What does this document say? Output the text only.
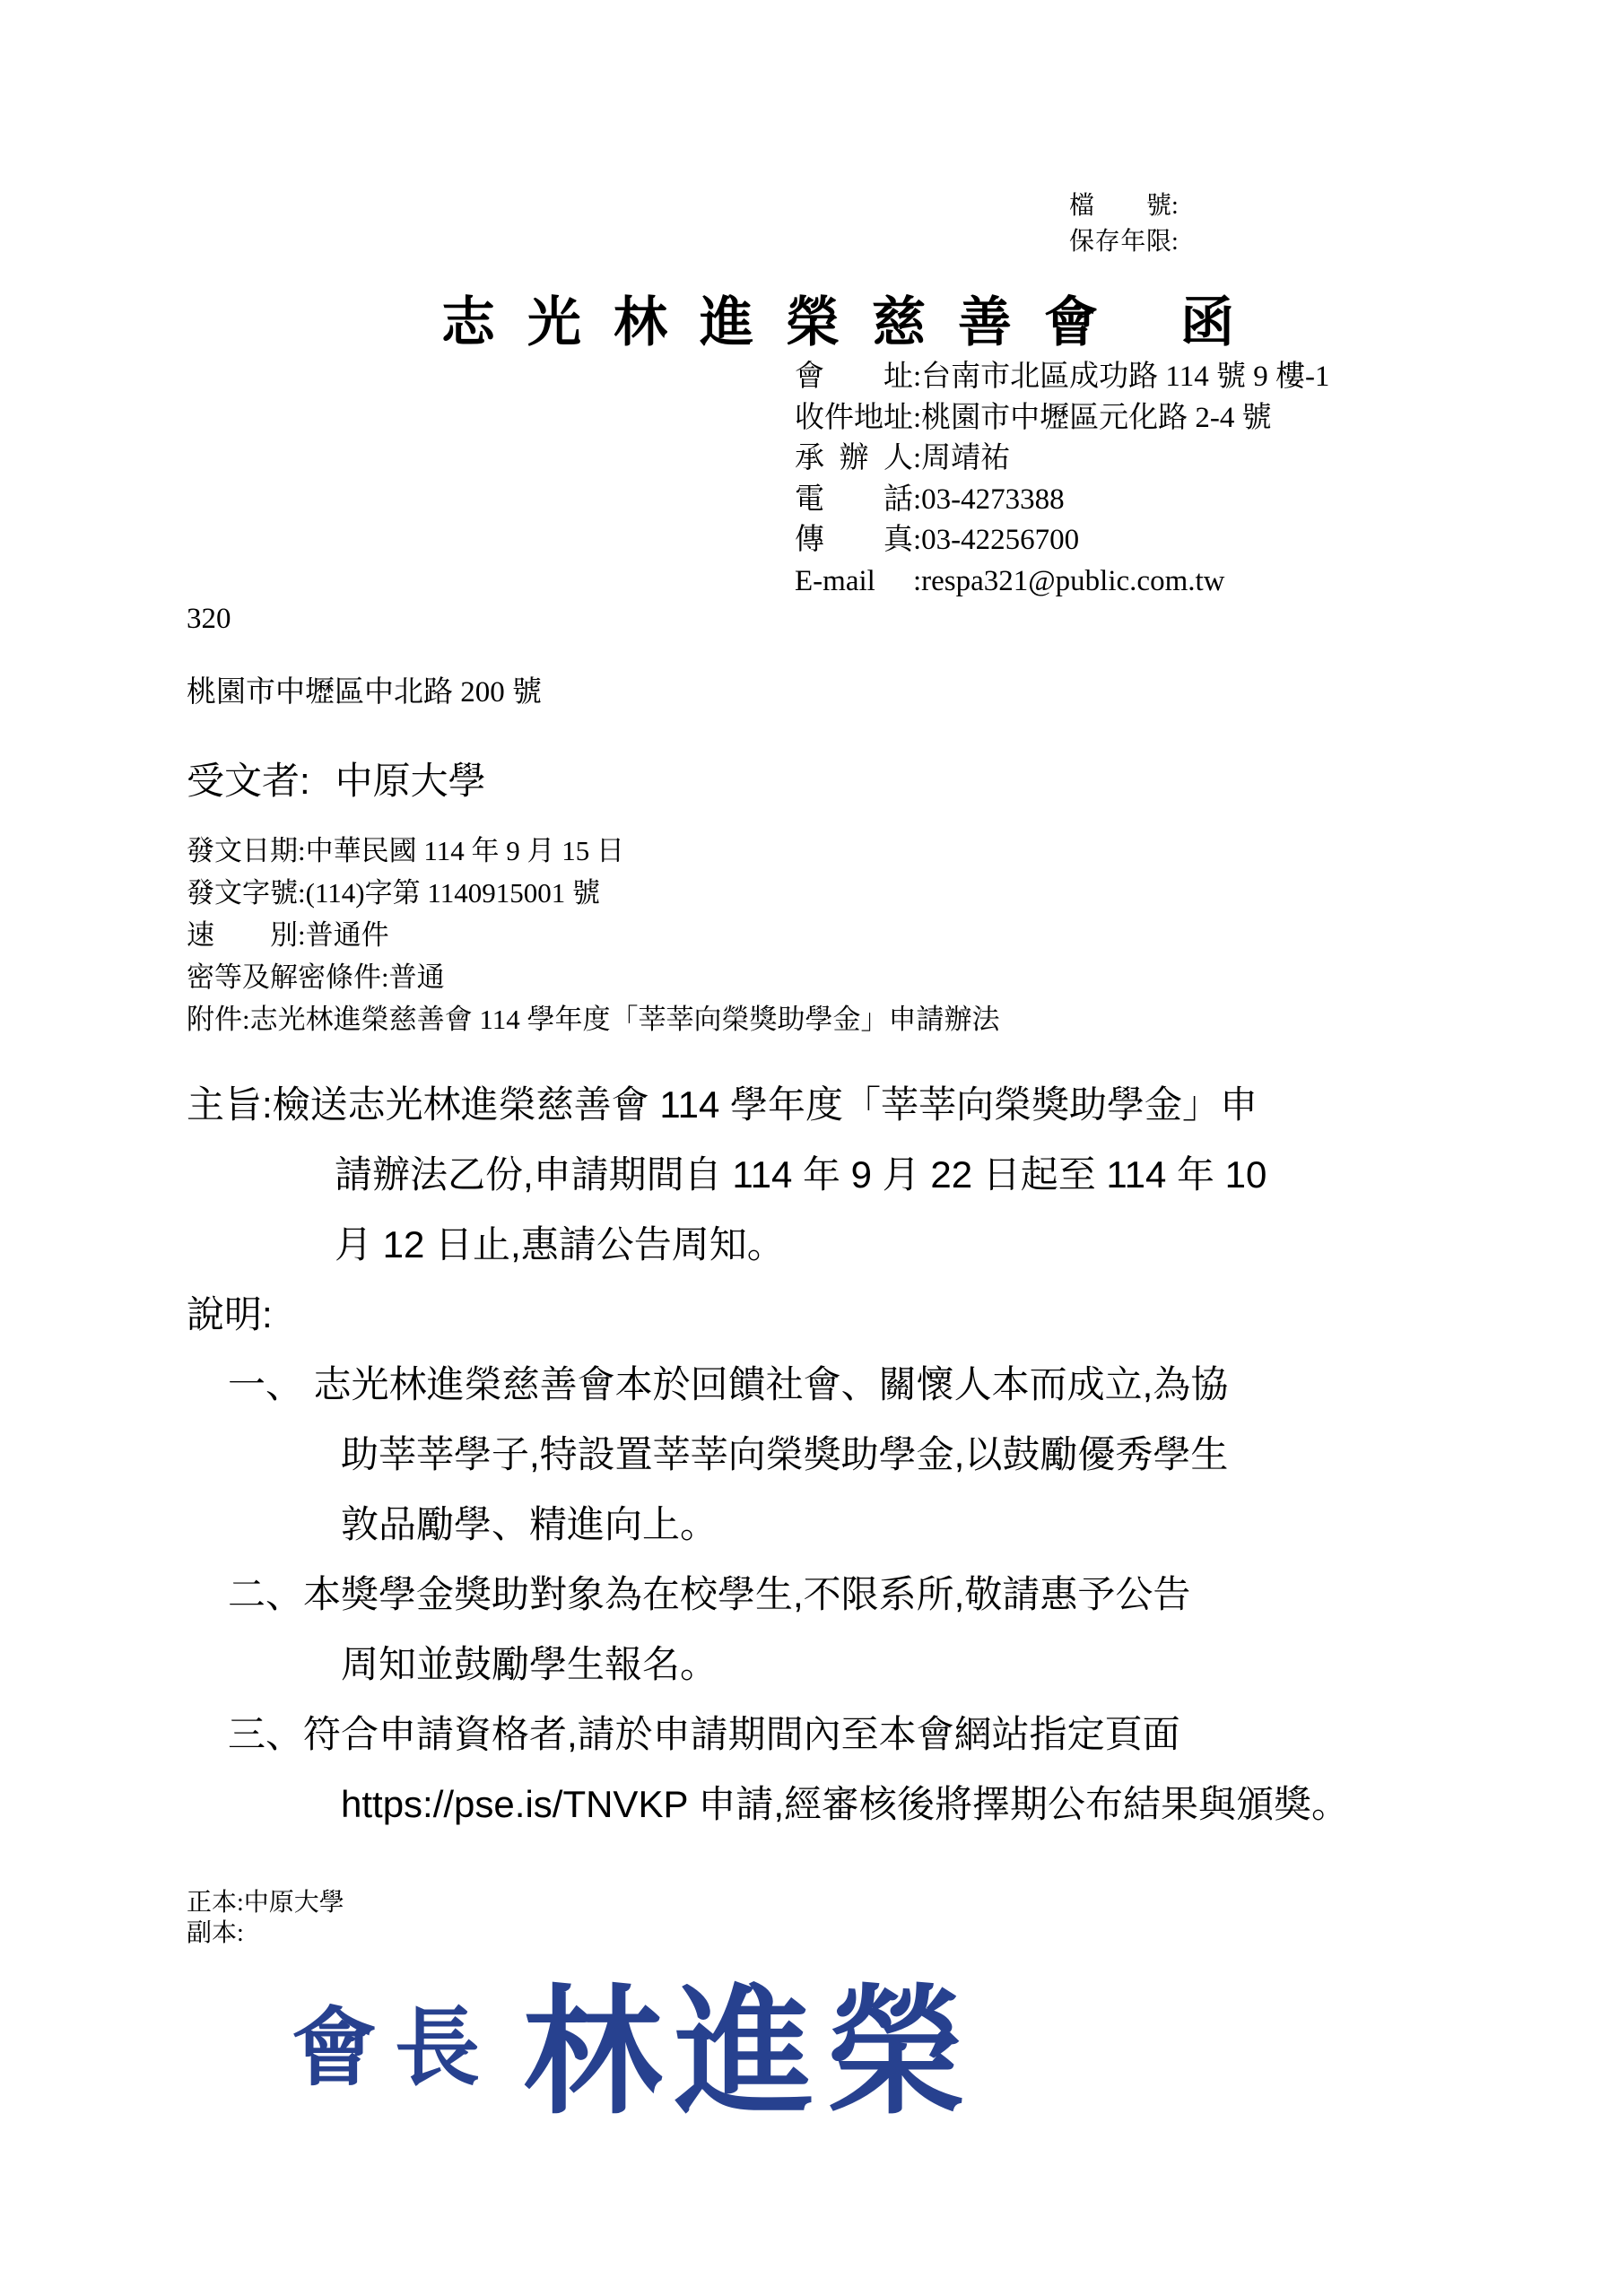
檔號:
保存年限:
志光林進榮慈善會 函
會址:台南市北區成功路 114 號 9 樓-1
收件地址:桃園市中壢區元化路 2-4 號
承辦人:周靖祐
電話:03-4273388
傳真:03-42256700
E-mail :respa321@public.com.tw
320
桃園市中壢區中北路 200 號
受文者: 中原大學
發文日期:中華民國 114 年 9 月 15 日
發文字號:(114)字第 1140915001 號
速別:普通件
密等及解密條件:普通
附件:志光林進榮慈善會 114 學年度「莘莘向榮獎助學金」申請辦法
主旨:檢送志光林進榮慈善會 114 學年度「莘莘向榮獎助學金」申
請辦法乙份,申請期間自 114 年 9 月 22 日起至 114 年 10
月 12 日止,惠請公告周知。
說明:
一、 志光林進榮慈善會本於回饋社會、關懷人本而成立,為協
助莘莘學子,特設置莘莘向榮獎助學金,以鼓勵優秀學生
敦品勵學、精進向上。
二、本獎學金獎助對象為在校學生,不限系所,敬請惠予公告
周知並鼓勵學生報名。
三、符合申請資格者,請於申請期間內至本會網站指定頁面
https://pse.is/TNVKP 申請,經審核後將擇期公布結果與頒獎。
正本:中原大學
副本:
會長 林進榮
